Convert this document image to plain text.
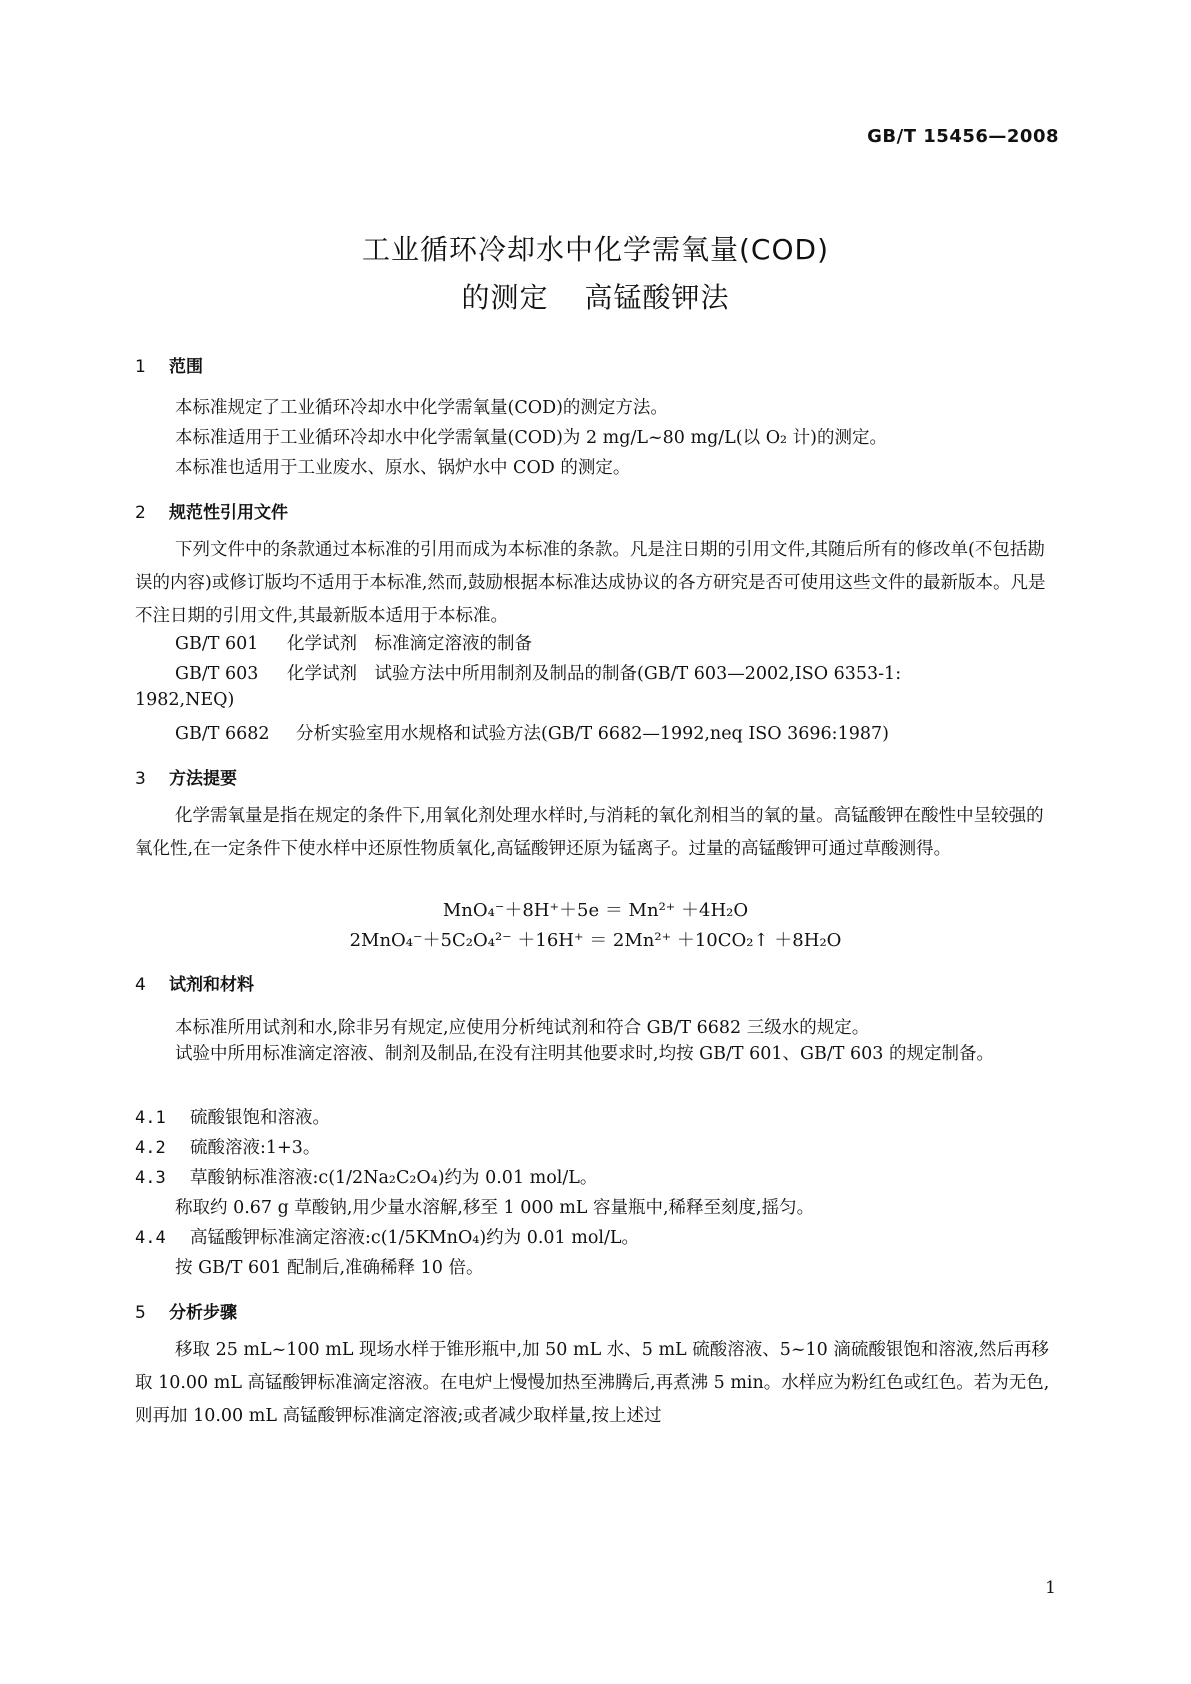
GB/T 15456—2008
工业循环冷却水中化学需氧量(COD)
的测定 高锰酸钾法
1 范围
本标准规定了工业循环冷却水中化学需氧量(COD)的测定方法。
本标准适用于工业循环冷却水中化学需氧量(COD)为 2 mg/L~80 mg/L(以 O₂ 计)的测定。
本标准也适用于工业废水、原水、锅炉水中 COD 的测定。
2 规范性引用文件
下列文件中的条款通过本标准的引用而成为本标准的条款。凡是注日期的引用文件,其随后所有的修改单(不包括勘误的内容)或修订版均不适用于本标准,然而,鼓励根据本标准达成协议的各方研究是否可使用这些文件的最新版本。凡是不注日期的引用文件,其最新版本适用于本标准。
GB/T 601 化学试剂　标准滴定溶液的制备
GB/T 603 化学试剂　试验方法中所用制剂及制品的制备(GB/T 603—2002,ISO 6353-1:
1982,NEQ)
GB/T 6682 分析实验室用水规格和试验方法(GB/T 6682—1992,neq ISO 3696:1987)
3 方法提要
化学需氧量是指在规定的条件下,用氧化剂处理水样时,与消耗的氧化剂相当的氧的量。高锰酸钾在酸性中呈较强的氧化性,在一定条件下使水样中还原性物质氧化,高锰酸钾还原为锰离子。过量的高锰酸钾可通过草酸测得。
MnO₄⁻＋8H⁺＋5e ＝ Mn²⁺ ＋4H₂O
2MnO₄⁻＋5C₂O₄²⁻ ＋16H⁺ ＝ 2Mn²⁺ ＋10CO₂↑ ＋8H₂O
4 试剂和材料
本标准所用试剂和水,除非另有规定,应使用分析纯试剂和符合 GB/T 6682 三级水的规定。
试验中所用标准滴定溶液、制剂及制品,在没有注明其他要求时,均按 GB/T 601、GB/T 603 的规定制备。
4.1 硫酸银饱和溶液。
4.2 硫酸溶液:1+3。
4.3 草酸钠标准溶液:c(1/2Na₂C₂O₄)约为 0.01 mol/L。
称取约 0.67 g 草酸钠,用少量水溶解,移至 1 000 mL 容量瓶中,稀释至刻度,摇匀。
4.4 高锰酸钾标准滴定溶液:c(1/5KMnO₄)约为 0.01 mol/L。
按 GB/T 601 配制后,准确稀释 10 倍。
5 分析步骤
移取 25 mL~100 mL 现场水样于锥形瓶中,加 50 mL 水、5 mL 硫酸溶液、5~10 滴硫酸银饱和溶液,然后再移取 10.00 mL 高锰酸钾标准滴定溶液。在电炉上慢慢加热至沸腾后,再煮沸 5 min。水样应为粉红色或红色。若为无色,则再加 10.00 mL 高锰酸钾标准滴定溶液;或者减少取样量,按上述过
1
